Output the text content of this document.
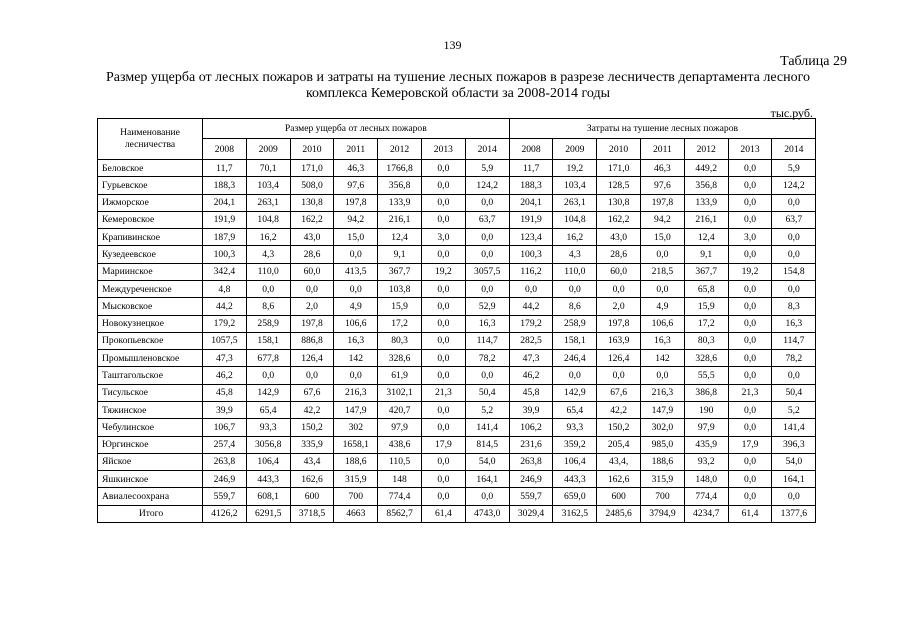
139
Таблица 29
Размер ущерба от лесных пожаров и затраты на тушение лесных пожаров в разрезе лесничеств департамента лесного комплекса Кемеровской области за 2008-2014 годы
тыс.руб.
Наименование лесничества	Размер ущерба от лесных пожаров							Затраты на тушение лесных пожаров						
	2008	2009	2010	2011	2012	2013	2014	2008	2009	2010	2011	2012	2013	2014
Беловское	11,7	70,1	171,0	46,3	1766,8	0,0	5,9	11,7	19,2	171,0	46,3	449,2	0,0	5,9
Гурьевское	188,3	103,4	508,0	97,6	356,8	0,0	124,2	188,3	103,4	128,5	97,6	356,8	0,0	124,2
Ижморское	204,1	263,1	130,8	197,8	133,9	0,0	0,0	204,1	263,1	130,8	197,8	133,9	0,0	0,0
Кемеровское	191,9	104,8	162,2	94,2	216,1	0,0	63,7	191,9	104,8	162,2	94,2	216,1	0,0	63,7
Крапивинское	187,9	16,2	43,0	15,0	12,4	3,0	0,0	123,4	16,2	43,0	15,0	12,4	3,0	0,0
Кузедеевское	100,3	4,3	28,6	0,0	9,1	0,0	0,0	100,3	4,3	28,6	0,0	9,1	0,0	0,0
Мариинское	342,4	110,0	60,0	413,5	367,7	19,2	3057,5	116,2	110,0	60,0	218,5	367,7	19,2	154,8
Междуреченское	4,8	0,0	0,0	0,0	103,8	0,0	0,0	0,0	0,0	0,0	0,0	65,8	0,0	0,0
Мысковское	44,2	8,6	2,0	4,9	15,9	0,0	52,9	44,2	8,6	2,0	4,9	15,9	0,0	8,3
Новокузнецкое	179,2	258,9	197,8	106,6	17,2	0,0	16,3	179,2	258,9	197,8	106,6	17,2	0,0	16,3
Прокопьевское	1057,5	158,1	886,8	16,3	80,3	0,0	114,7	282,5	158,1	163,9	16,3	80,3	0,0	114,7
Промышленовское	47,3	677,8	126,4	142	328,6	0,0	78,2	47,3	246,4	126,4	142	328,6	0,0	78,2
Таштагольское	46,2	0,0	0,0	0,0	61,9	0,0	0,0	46,2	0,0	0,0	0,0	55,5	0,0	0,0
Тисульское	45,8	142,9	67,6	216,3	3102,1	21,3	50,4	45,8	142,9	67,6	216,3	386,8	21,3	50,4
Тяжинское	39,9	65,4	42,2	147,9	420,7	0,0	5,2	39,9	65,4	42,2	147,9	190	0,0	5,2
Чебулинское	106,7	93,3	150,2	302	97,9	0,0	141,4	106,2	93,3	150,2	302,0	97,9	0,0	141,4
Юргинское	257,4	3056,8	335,9	1658,1	438,6	17,9	814,5	231,6	359,2	205,4	985,0	435,9	17,9	396,3
Яйское	263,8	106,4	43,4	188,6	110,5	0,0	54,0	263,8	106,4	43,4,	188,6	93,2	0,0	54,0
Яшкинское	246,9	443,3	162,6	315,9	148	0,0	164,1	246,9	443,3	162,6	315,9	148,0	0,0	164,1
Авиалесоохрана	559,7	608,1	600	700	774,4	0,0	0,0	559,7	659,0	600	700	774,4	0,0	0,0
Итого	4126,2	6291,5	3718,5	4663	8562,7	61,4	4743,0	3029,4	3162,5	2485,6	3794,9	4234,7	61,4	1377,6
